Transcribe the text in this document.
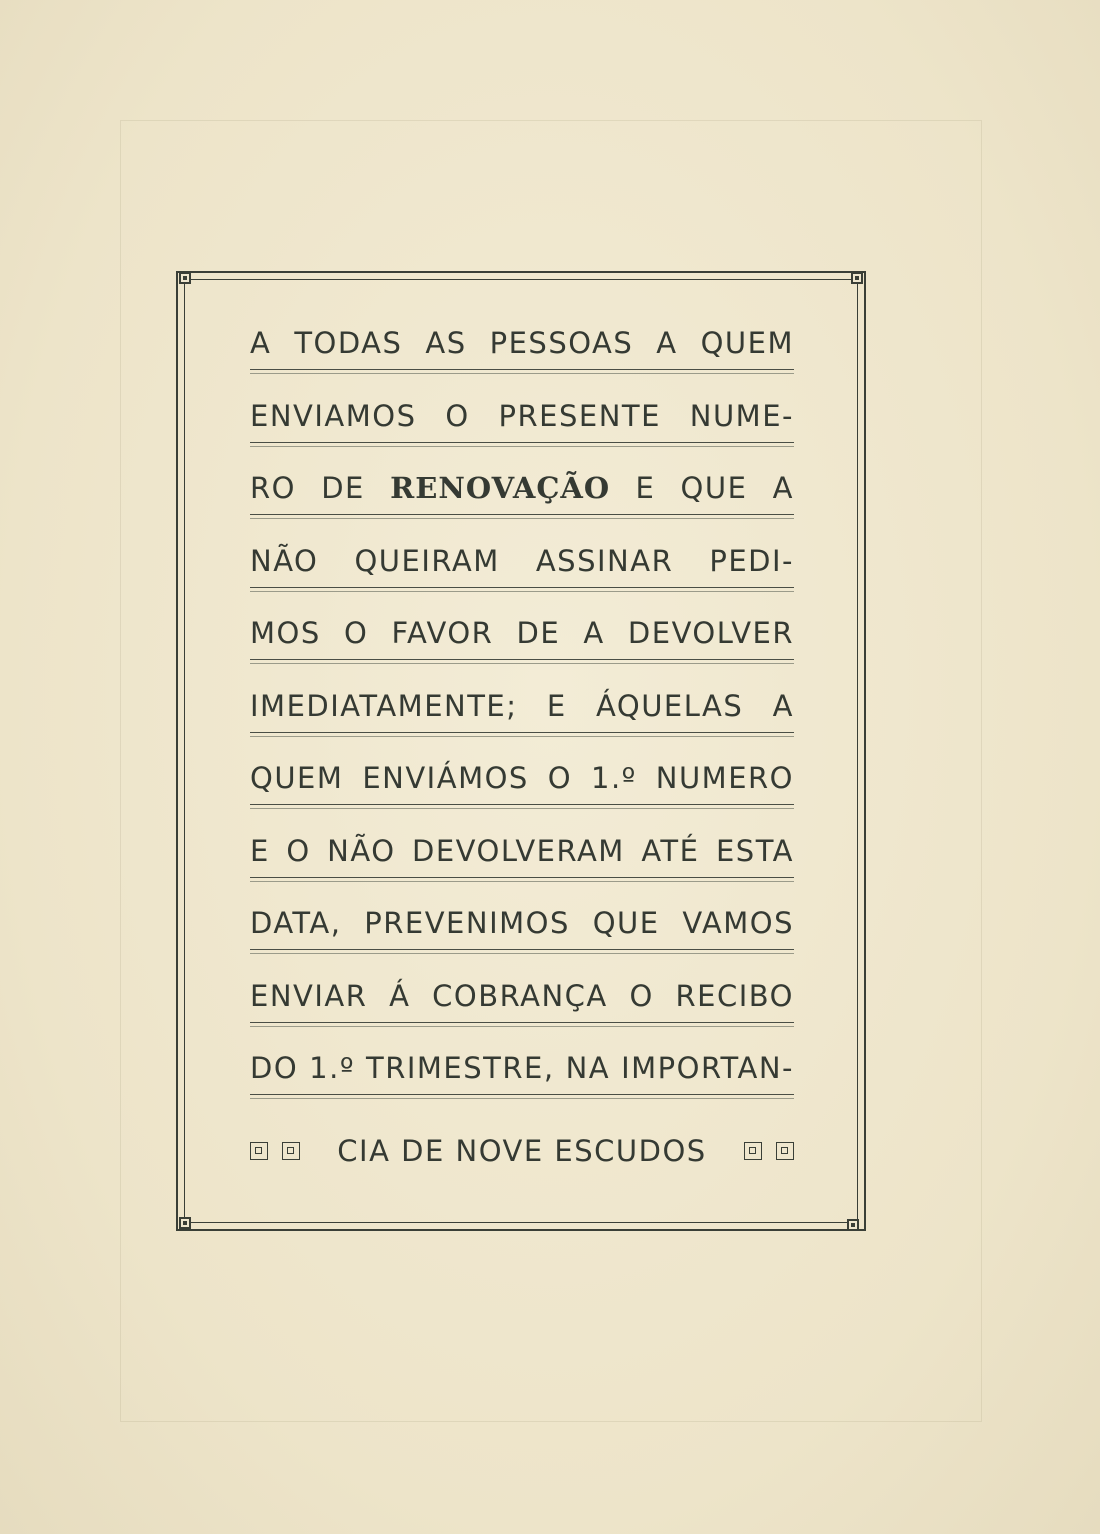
A TODAS AS PESSOAS A QUEM
ENVIAMOS O PRESENTE NUME-
RO DE RENOVAÇÃO E QUE A
NÃO QUEIRAM ASSINAR PEDI-
MOS O FAVOR DE A DEVOLVER
IMEDIATAMENTE; E ÁQUELAS A
QUEM ENVIÁMOS O 1.º NUMERO
E O NÃO DEVOLVERAM ATÉ ESTA
DATA, PREVENIMOS QUE VAMOS
ENVIAR Á COBRANÇA O RECIBO
DO 1.º TRIMESTRE, NA IMPORTAN-
CIA DE NOVE ESCUDOS
